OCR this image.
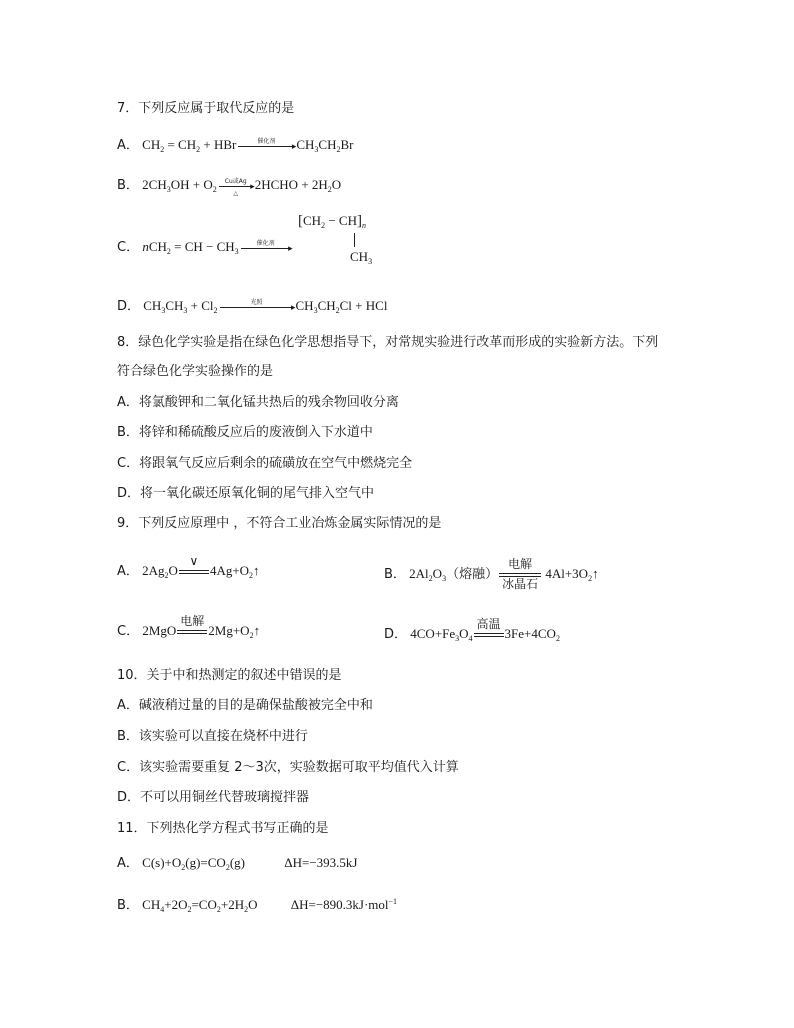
7．下列反应属于取代反应的是
A． $CH_2 = CH_2$ + HBr	催化剂	▸ $CH_3CH_2Br$
B． $2CH_3OH + O_2$
Cu或Ag ▸
△
2HCHO + $2H_2O$
C． nCH$_2$ = CH − $CH_3$
催化剂	▸
$[CH_2 - CH]_n$
$CH_3$
D． $CH_3CH_3 + Cl_2$
光照	▸ $CH_3CH_2Cl$ + HCl
8．绿色化学实验是指在绿色化学思想指导下，对常规实验进行改革而形成的实验新方法。下列
符合绿色化学实验操作的是
A．将氯酸钾和二氧化锰共热后的残余物回收分离
B．将锌和稀硫酸反应后的废液倒入下水道中
C．将跟氧气反应后剩余的硫磺放在空气中燃烧完全
D．将一氧化碳还原氧化铜的尾气排入空气中
9．下列反应原理中 ，不符合工业冶炼金属实际情况的是
A． $2Ag_2O$
∨
$4Ag+O_2↑$	B． $2Al_2O_3$（熔融）
电解
冰晶石
$4Al+3O_2↑$
C． 2MgO
电解
$2Mg+O_2↑$	D． $4CO+Fe_3O_4$
高温
$3Fe+4CO_2$
10．关于中和热测定的叙述中错误的是
A．碱液稍过量的目的是确保盐酸被完全中和
B．该实验可以直接在烧杯中进行
C．该实验需要重复 2～3次，实验数据可取平均值代入计算
D．不可以用铜丝代替玻璃搅拌器
11．下列热化学方程式书写正确的是
A． $C(s)+O_2(g)=CO_2(g)$	ΔH=−393.5kJ
B． $CH_4+2O_2=CO_2+2H_2O$ ΔH=−890.3kJ·mol$^{-1}$
